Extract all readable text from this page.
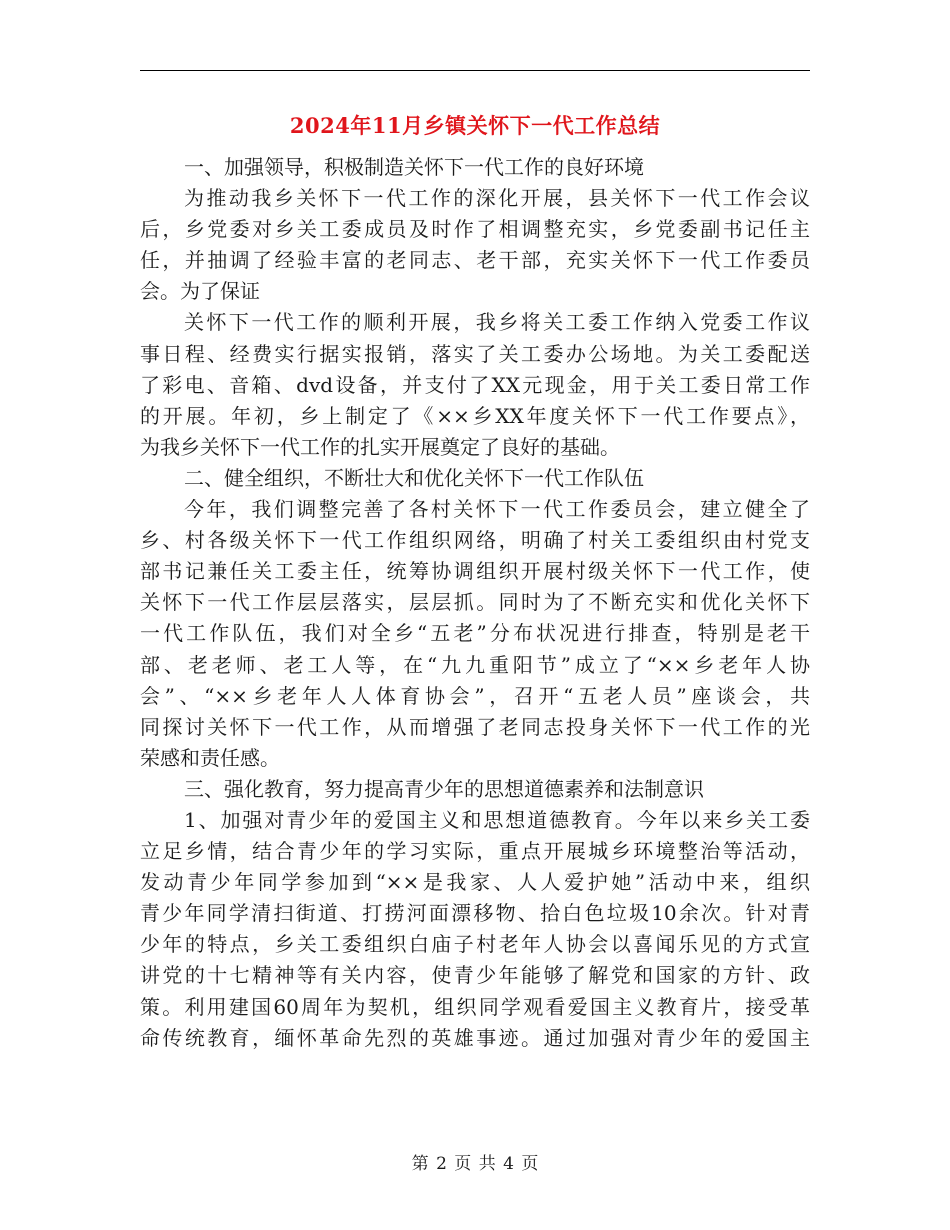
2024年11月乡镇关怀下一代工作总结
一、加强领导，积极制造关怀下一代工作的良好环境
为推动我乡关怀下一代工作的深化开展，县关怀下一代工作会议
后，乡党委对乡关工委成员及时作了相调整充实，乡党委副书记任主
任，并抽调了经验丰富的老同志、老干部，充实关怀下一代工作委员
会。为了保证
关怀下一代工作的顺利开展，我乡将关工委工作纳入党委工作议
事日程、经费实行据实报销，落实了关工委办公场地。为关工委配送
了彩电、音箱、dvd设备，并支付了XX元现金，用于关工委日常工作
的开展。年初，乡上制定了《××乡XX年度关怀下一代工作要点》，
为我乡关怀下一代工作的扎实开展奠定了良好的基础。
二、健全组织，不断壮大和优化关怀下一代工作队伍
今年，我们调整完善了各村关怀下一代工作委员会，建立健全了
乡、村各级关怀下一代工作组织网络，明确了村关工委组织由村党支
部书记兼任关工委主任，统筹协调组织开展村级关怀下一代工作，使
关怀下一代工作层层落实，层层抓。同时为了不断充实和优化关怀下
一代工作队伍，我们对全乡“五老”分布状况进行排查，特别是老干
部、老老师、老工人等，在“九九重阳节”成立了“××乡老年人协
会”、“××乡老年人人体育协会”，召开“五老人员”座谈会，共
同探讨关怀下一代工作，从而增强了老同志投身关怀下一代工作的光
荣感和责任感。
三、强化教育，努力提高青少年的思想道德素养和法制意识
1、加强对青少年的爱国主义和思想道德教育。今年以来乡关工委
立足乡情，结合青少年的学习实际，重点开展城乡环境整治等活动，
发动青少年同学参加到“××是我家、人人爱护她”活动中来，组织
青少年同学清扫街道、打捞河面漂移物、拾白色垃圾10余次。针对青
少年的特点，乡关工委组织白庙子村老年人协会以喜闻乐见的方式宣
讲党的十七精神等有关内容，使青少年能够了解党和国家的方针、政
策。利用建国60周年为契机，组织同学观看爱国主义教育片，接受革
命传统教育，缅怀革命先烈的英雄事迹。通过加强对青少年的爱国主
第 2 页 共 4 页
